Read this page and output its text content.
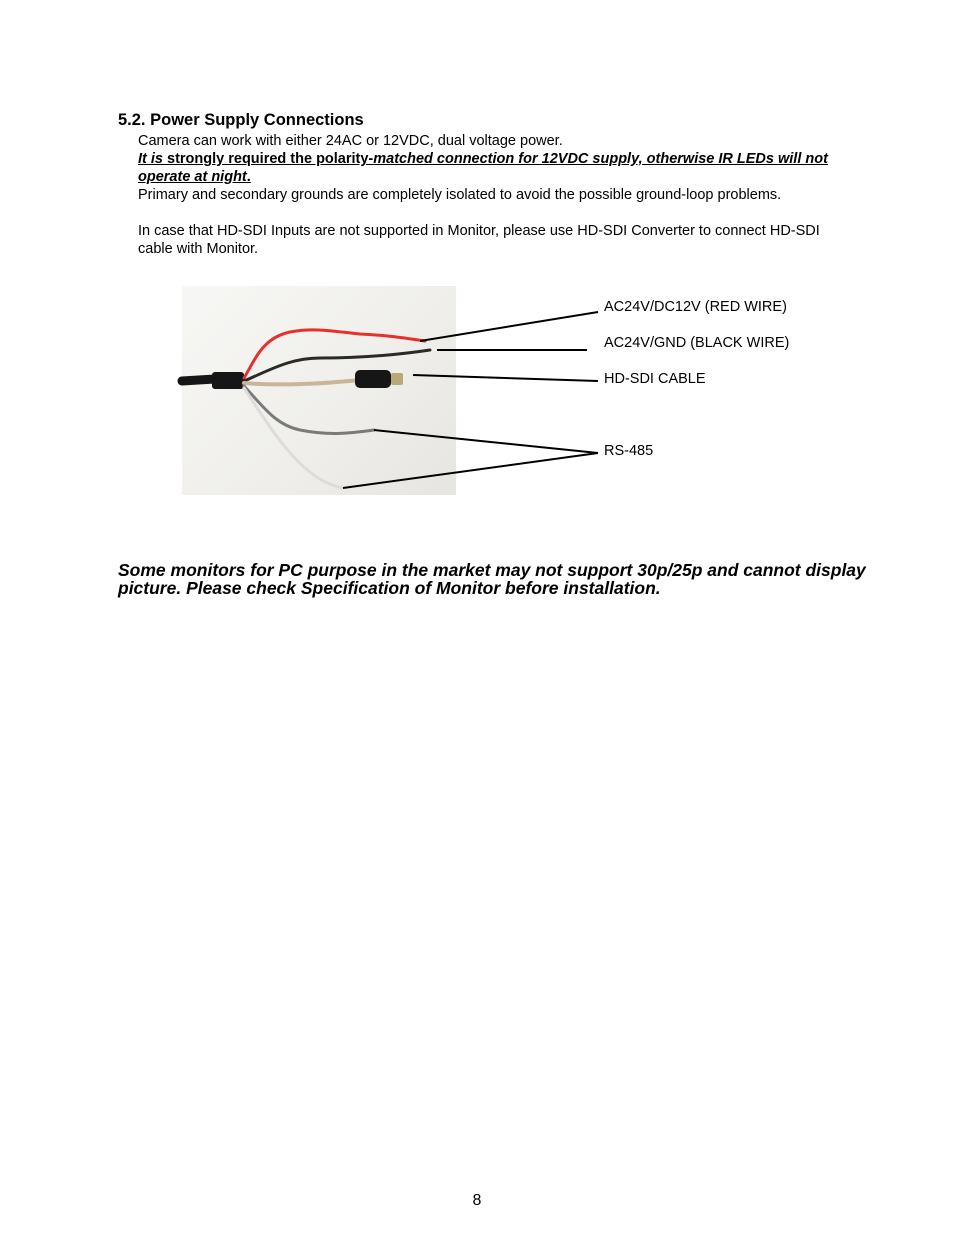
5.2. Power Supply Connections

Camera can work with either 24AC or 12VDC, dual voltage power.

It is strongly required the polarity-matched connection for 12VDC supply, otherwise IR LEDs will not operate at night.

Primary and secondary grounds are completely isolated to avoid the possible ground-loop problems.

In case that HD-SDI Inputs are not supported in Monitor, please use HD-SDI Converter to connect HD-SDI cable with Monitor.

AC24V/DC12V (RED WIRE)

AC24V/GND (BLACK WIRE)

HD-SDI CABLE

RS-485

Some monitors for PC purpose in the market may not support 30p/25p and cannot display picture. Please check Specification of Monitor before installation.

8
